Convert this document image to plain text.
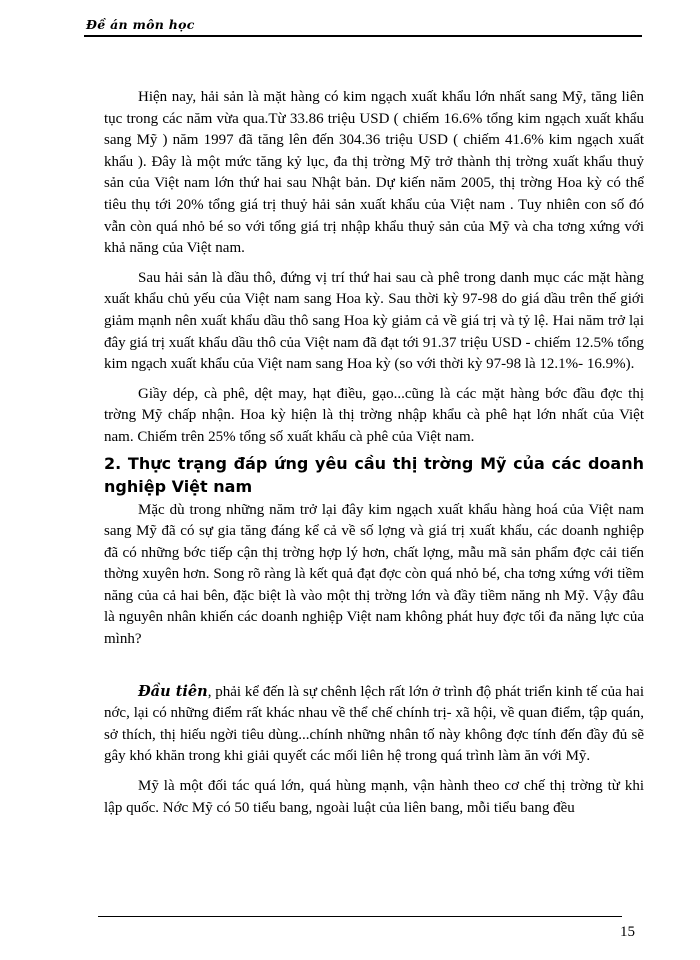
Đề án môn học

Hiện nay, hải sản là mặt hàng có kim ngạch xuất khẩu lớn nhất sang Mỹ, tăng liên tục trong các năm vừa qua.Từ 33.86 triệu USD ( chiếm 16.6% tổng kim ngạch xuất khẩu sang Mỹ ) năm 1997 đã tăng lên đến 304.36 triệu USD ( chiếm 41.6% kim ngạch xuất khẩu ). Đây là một mức tăng kỷ lục, đa thị trờng Mỹ trở thành thị trờng xuất khẩu thuỷ sản của Việt nam lớn thứ hai sau Nhật bản. Dự kiến năm 2005, thị trờng Hoa kỳ có thể tiêu thụ tới 20% tổng giá trị thuỷ hải sản xuất khẩu của Việt nam . Tuy nhiên con số đó vẫn còn quá nhỏ bé so với tổng giá trị nhập khẩu thuỷ sản của Mỹ và cha tơng xứng với khả năng của Việt nam.

Sau hải sản là dầu thô, đứng vị trí thứ hai sau cà phê trong danh mục các mặt hàng xuất khẩu chủ yếu của Việt nam sang Hoa kỳ. Sau thời kỳ 97-98 do giá dầu trên thế giới giảm mạnh nên xuất khẩu dầu thô sang Hoa kỳ giảm cả về giá trị và tỷ lệ. Hai năm trở lại đây giá trị xuất khẩu dầu thô của Việt nam đã đạt tới 91.37 triệu USD - chiếm 12.5% tổng kim ngạch xuất khẩu của Việt nam sang Hoa kỳ (so với thời kỳ 97-98 là 12.1%- 16.9%).

Giầy dép, cà phê, dệt may, hạt điều, gạo...cũng là các mặt hàng bớc đầu đợc thị trờng Mỹ chấp nhận. Hoa kỳ hiện là thị trờng nhập khẩu cà phê hạt lớn nhất của Việt nam. Chiếm trên 25% tổng số xuất khẩu cà phê của Việt nam.

2. Thực trạng đáp ứng yêu cầu thị trờng Mỹ của các doanh nghiệp Việt nam

Mặc dù trong những năm trở lại đây kim ngạch xuất khẩu hàng hoá của Việt nam sang Mỹ đã có sự gia tăng đáng kể cả về số lợng và giá trị xuất khẩu, các doanh nghiệp đã có những bớc tiếp cận thị trờng hợp lý hơn, chất lợng, mẫu mã sản phẩm đợc cải tiến thờng xuyên hơn. Song rõ ràng là kết quả đạt đợc còn quá nhỏ bé, cha tơng xứng với tiềm năng của cả hai bên, đặc biệt là vào một thị trờng lớn và đầy tiềm năng nh Mỹ. Vậy đâu là nguyên nhân khiến các doanh nghiệp Việt nam không phát huy đợc tối đa năng lực của mình?

Đầu tiên, phải kể đến là sự chênh lệch rất lớn ở trình độ phát triển kinh tế của hai nớc, lại có những điểm rất khác nhau về thể chế chính trị- xã hội, về quan điểm, tập quán, sở thích, thị hiếu ngời tiêu dùng...chính những nhân tố này không đợc tính đến đầy đủ sẽ gây khó khăn trong khi giải quyết các mối liên hệ trong quá trình làm ăn với Mỹ.

Mỹ là một đối tác quá lớn, quá hùng mạnh, vận hành theo cơ chế thị trờng từ khi lập quốc. Nớc Mỹ có 50 tiểu bang, ngoài luật của liên bang, mỗi tiểu bang đều

15
